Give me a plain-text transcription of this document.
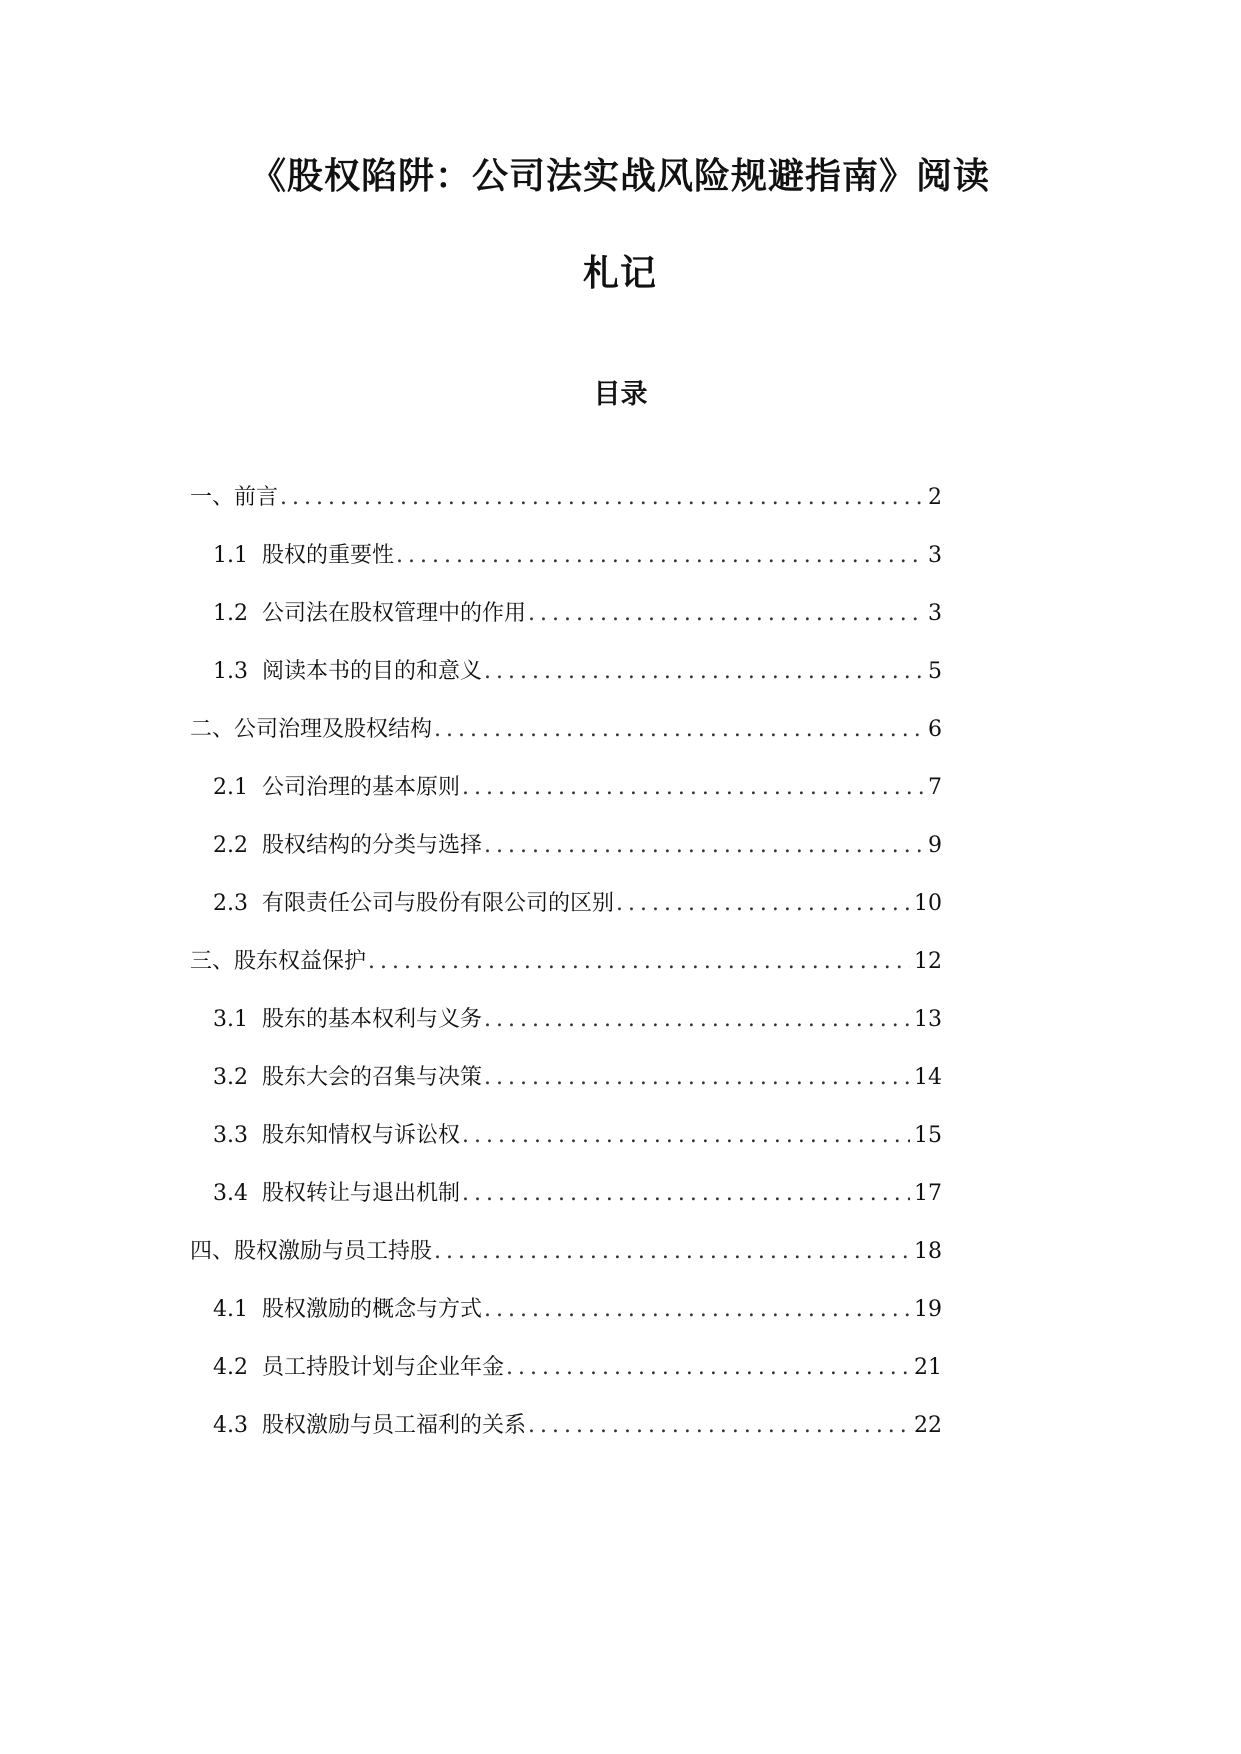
《股权陷阱：公司法实战风险规避指南》阅读
札记
目录
一、前言 .....	2
1.1 股权的重要性 .....	3
1.2 公司法在股权管理中的作用 .....	3
1.3 阅读本书的目的和意义 .....	5
二、公司治理及股权结构 .....	6
2.1 公司治理的基本原则 .....	7
2.2 股权结构的分类与选择 .....	9
2.3 有限责任公司与股份有限公司的区别 .....	10
三、股东权益保护 .....	12
3.1 股东的基本权利与义务 .....	13
3.2 股东大会的召集与决策 .....	14
3.3 股东知情权与诉讼权 .....	15
3.4 股权转让与退出机制 .....	17
四、股权激励与员工持股 .....	18
4.1 股权激励的概念与方式 .....	19
4.2 员工持股计划与企业年金 .....	21
4.3 股权激励与员工福利的关系 .....	22
